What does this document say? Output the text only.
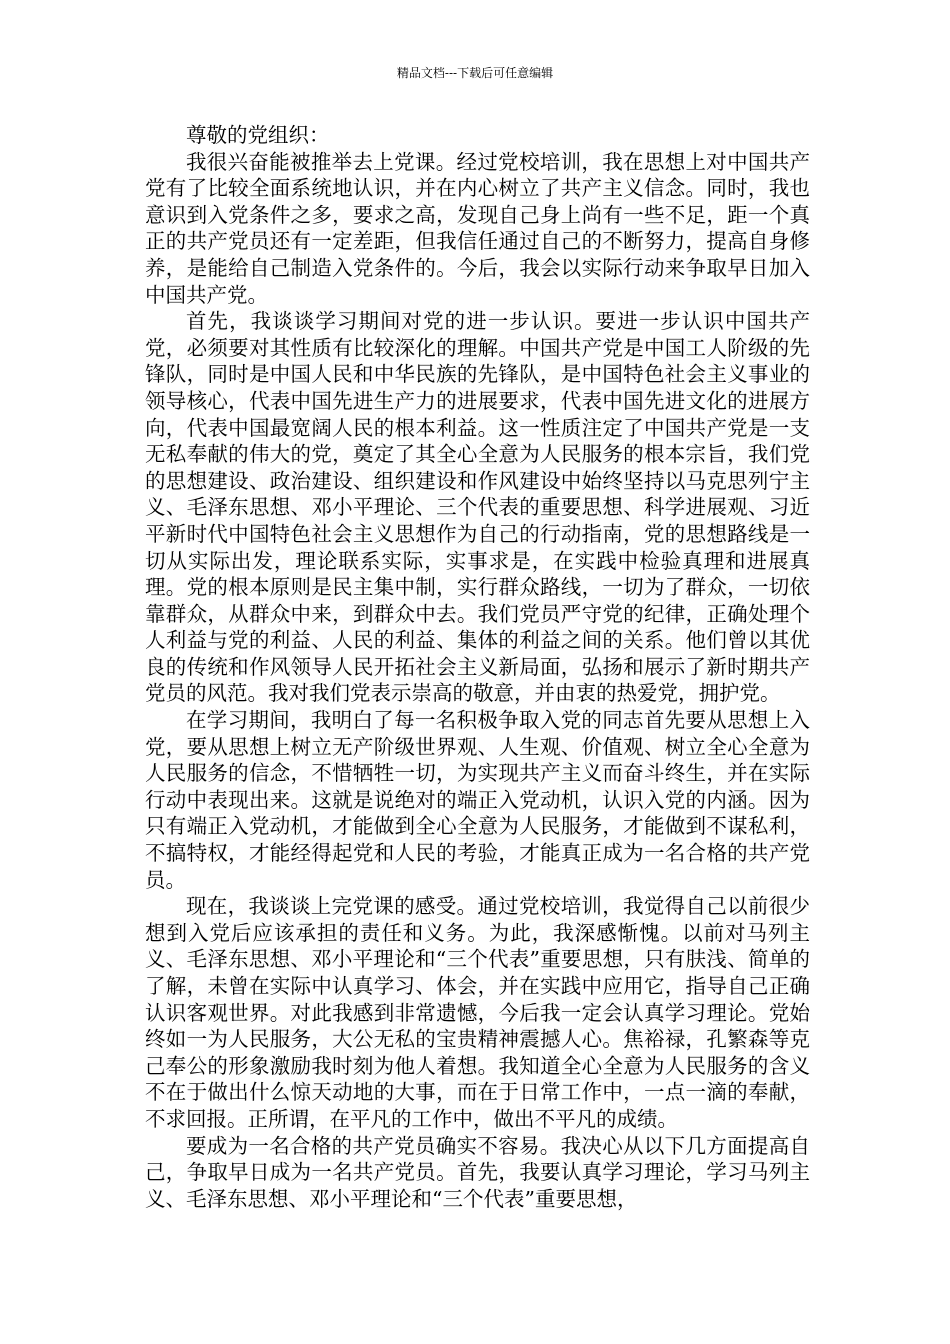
精品文档---下载后可任意编辑

尊敬的党组织：

我很兴奋能被推举去上党课。经过党校培训，我在思想上对中国共产党有了比较全面系统地认识，并在内心树立了共产主义信念。同时，我也意识到入党条件之多，要求之高，发现自己身上尚有一些不足，距一个真正的共产党员还有一定差距，但我信任通过自己的不断努力，提高自身修养，是能给自己制造入党条件的。今后，我会以实际行动来争取早日加入中国共产党。

首先，我谈谈学习期间对党的进一步认识。要进一步认识中国共产党，必须要对其性质有比较深化的理解。中国共产党是中国工人阶级的先锋队，同时是中国人民和中华民族的先锋队，是中国特色社会主义事业的领导核心，代表中国先进生产力的进展要求，代表中国先进文化的进展方向，代表中国最宽阔人民的根本利益。这一性质注定了中国共产党是一支无私奉献的伟大的党，奠定了其全心全意为人民服务的根本宗旨，我们党的思想建设、政治建设、组织建设和作风建设中始终坚持以马克思列宁主义、毛泽东思想、邓小平理论、三个代表的重要思想、科学进展观、习近平新时代中国特色社会主义思想作为自己的行动指南，党的思想路线是一切从实际出发，理论联系实际，实事求是，在实践中检验真理和进展真理。党的根本原则是民主集中制，实行群众路线，一切为了群众，一切依靠群众，从群众中来，到群众中去。我们党员严守党的纪律，正确处理个人利益与党的利益、人民的利益、集体的利益之间的关系。他们曾以其优良的传统和作风领导人民开拓社会主义新局面，弘扬和展示了新时期共产党员的风范。我对我们党表示崇高的敬意，并由衷的热爱党，拥护党。

在学习期间，我明白了每一名积极争取入党的同志首先要从思想上入党，要从思想上树立无产阶级世界观、人生观、价值观、树立全心全意为人民服务的信念，不惜牺牲一切，为实现共产主义而奋斗终生，并在实际行动中表现出来。这就是说绝对的端正入党动机，认识入党的内涵。因为只有端正入党动机，才能做到全心全意为人民服务，才能做到不谋私利，不搞特权，才能经得起党和人民的考验，才能真正成为一名合格的共产党员。

现在，我谈谈上完党课的感受。通过党校培训，我觉得自己以前很少想到入党后应该承担的责任和义务。为此，我深感惭愧。以前对马列主义、毛泽东思想、邓小平理论和“三个代表”重要思想，只有肤浅、简单的了解，未曾在实际中认真学习、体会，并在实践中应用它，指导自己正确认识客观世界。对此我感到非常遗憾，今后我一定会认真学习理论。党始终如一为人民服务，大公无私的宝贵精神震撼人心。焦裕禄，孔繁森等克己奉公的形象激励我时刻为他人着想。我知道全心全意为人民服务的含义不在于做出什么惊天动地的大事，而在于日常工作中，一点一滴的奉献，不求回报。正所谓，在平凡的工作中，做出不平凡的成绩。

要成为一名合格的共产党员确实不容易。我决心从以下几方面提高自己，争取早日成为一名共产党员。首先，我要认真学习理论，学习马列主义、毛泽东思想、邓小平理论和“三个代表”重要思想，
